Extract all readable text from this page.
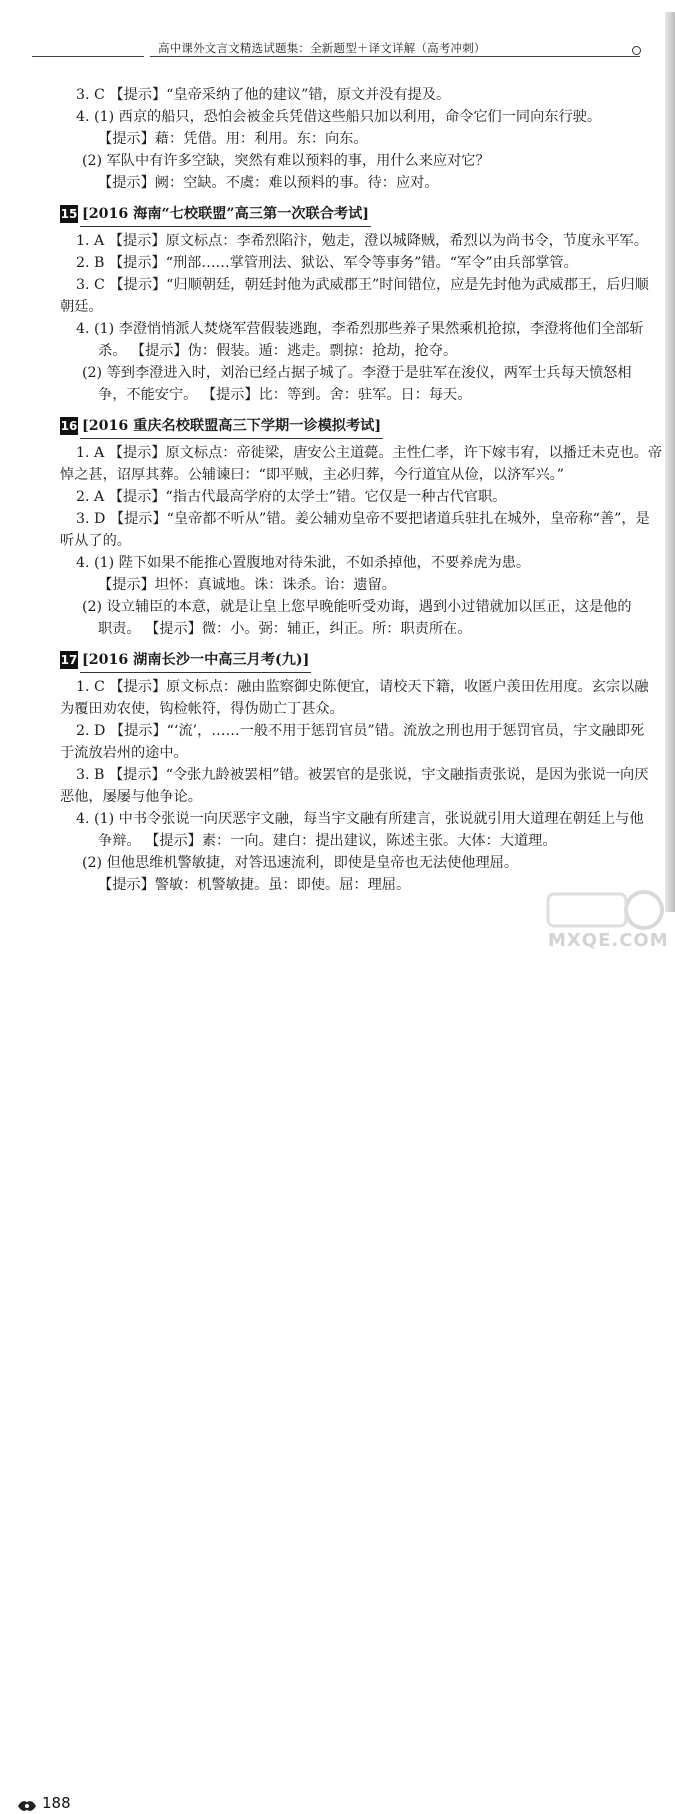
高中课外文言文精选试题集：全新题型＋译文详解（高考冲刺）
3. C 【提示】“皇帝采纳了他的建议”错，原文并没有提及。
4. (1) 西京的船只，恐怕会被金兵凭借这些船只加以利用，命令它们一同向东行驶。
【提示】藉：凭借。用：利用。东：向东。
(2) 军队中有许多空缺，突然有难以预料的事，用什么来应对它？
【提示】阙：空缺。不虞：难以预料的事。待：应对。
15 [2016 海南“七校联盟”高三第一次联合考试]
1. A 【提示】原文标点：李希烈陷汴，勉走，澄以城降贼，希烈以为尚书令，节度永平军。
2. B 【提示】“刑部……掌管刑法、狱讼、军令等事务”错。“军令”由兵部掌管。
3. C 【提示】“归顺朝廷，朝廷封他为武威郡王”时间错位，应是先封他为武威郡王，后归顺
朝廷。
4. (1) 李澄悄悄派人焚烧军营假装逃跑，李希烈那些养子果然乘机抢掠，李澄将他们全部斩
杀。 【提示】伪：假装。遁：逃走。剽掠：抢劫，抢夺。
(2) 等到李澄进入时，刘治已经占据子城了。李澄于是驻军在浚仪，两军士兵每天愤怒相
争，不能安宁。 【提示】比：等到。舍：驻军。日：每天。
16 [2016 重庆名校联盟高三下学期一诊模拟考试]
1. A 【提示】原文标点：帝徙梁，唐安公主道薨。主性仁孝，许下嫁韦宥，以播迁未克也。帝
悼之甚，诏厚其葬。公辅谏曰：“即平贼，主必归葬，今行道宜从俭，以济军兴。”
2. A 【提示】“指古代最高学府的太学士”错。它仅是一种古代官职。
3. D 【提示】“皇帝都不听从”错。姜公辅劝皇帝不要把诸道兵驻扎在城外，皇帝称“善”，是
听从了的。
4. (1) 陛下如果不能推心置腹地对待朱泚，不如杀掉他，不要养虎为患。
【提示】坦怀：真诚地。诛：诛杀。诒：遗留。
(2) 设立辅臣的本意，就是让皇上您早晚能听受劝诲，遇到小过错就加以匡正，这是他的
职责。 【提示】微：小。弼：辅正，纠正。所：职责所在。
17 [2016 湖南长沙一中高三月考(九)]
1. C 【提示】原文标点：融由监察御史陈便宜，请校天下籍，收匿户羡田佐用度。玄宗以融
为覆田劝农使，钩检帐符，得伪勋亡丁甚众。
2. D 【提示】“‘流’，……一般不用于惩罚官员”错。流放之刑也用于惩罚官员，宇文融即死
于流放岩州的途中。
3. B 【提示】“令张九龄被罢相”错。被罢官的是张说，宇文融指责张说，是因为张说一向厌
恶他，屡屡与他争论。
4. (1) 中书令张说一向厌恶宇文融，每当宇文融有所建言，张说就引用大道理在朝廷上与他
争辩。 【提示】素：一向。建白：提出建议，陈述主张。大体：大道理。
(2) 但他思维机警敏捷，对答迅速流利，即使是皇帝也无法使他理屈。
【提示】警敏：机警敏捷。虽：即使。屈：理屈。
188
MXQE.COM
